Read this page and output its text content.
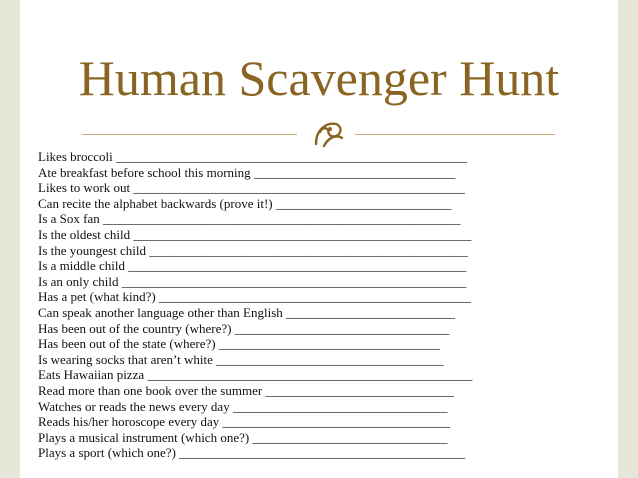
Human Scavenger Hunt
Likes broccoli ______________________________________________________
Ate breakfast before school this morning _______________________________
Likes to work out ___________________________________________________
Can recite the alphabet backwards (prove it!) ___________________________
Is a Sox fan _______________________________________________________
Is the oldest child ____________________________________________________
Is the youngest child _________________________________________________
Is a middle child ____________________________________________________
Is an only child _____________________________________________________
Has a pet (what kind?) ________________________________________________
Can speak another language other than English __________________________
Has been out of the country (where?) _________________________________
Has been out of the state (where?) __________________________________
Is wearing socks that aren’t white ___________________________________
Eats Hawaiian pizza __________________________________________________
Read more than one book over the summer _____________________________
Watches or reads the news every day _________________________________
Reads his/her horoscope every day ___________________________________
Plays a musical instrument (which one?) ______________________________
Plays a sport (which one?) ____________________________________________
